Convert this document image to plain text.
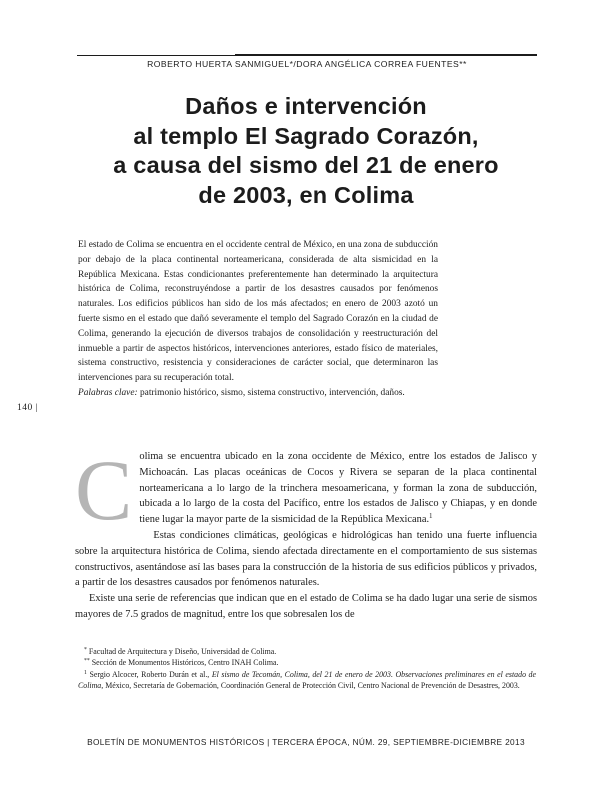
ROBERTO HUERTA SANMIGUEL*/DORA ANGÉLICA CORREA FUENTES**
Daños e intervención
al templo El Sagrado Corazón,
a causa del sismo del 21 de enero
de 2003, en Colima
El estado de Colima se encuentra en el occidente central de México, en una zona de subducción por debajo de la placa continental norteamericana, considerada de alta sismicidad en la República Mexicana. Estas condicionantes preferentemente han determinado la arquitectura histórica de Colima, reconstruyéndose a partir de los desastres causados por fenómenos naturales. Los edificios públicos han sido de los más afectados; en enero de 2003 azotó un fuerte sismo en el estado que dañó severamente el templo del Sagrado Corazón en la ciudad de Colima, generando la ejecución de diversos trabajos de consolidación y reestructuración del inmueble a partir de aspectos históricos, intervenciones anteriores, estado físico de materiales, sistema constructivo, resistencia y consideraciones de carácter social, que determinaron las intervenciones para su recuperación total.
Palabras clave: patrimonio histórico, sismo, sistema constructivo, intervención, daños.
140 |

Colima se encuentra ubicado en la zona occidente de México, entre los estados de Jalisco y Michoacán. Las placas oceánicas de Cocos y Rivera se separan de la placa continental norteamericana a lo largo de la trinchera mesoamericana, y forman la zona de subducción, ubicada a lo largo de la costa del Pacífico, entre los estados de Jalisco y Chiapas, y en donde tiene lugar la mayor parte de la sismicidad de la República Mexicana.$^1$

Estas condiciones climáticas, geológicas e hidrológicas han tenido una fuerte influencia sobre la arquitectura histórica de Colima, siendo afectada directamente en el comportamiento de sus sistemas constructivos, asentándose así las bases para la construcción de la historia de sus edificios públicos y privados, a partir de los desastres causados por fenómenos naturales.

Existe una serie de referencias que indican que en el estado de Colima se ha dado lugar una serie de sismos mayores de 7.5 grados de magnitud, entre los que sobresalen los de

* Facultad de Arquitectura y Diseño, Universidad de Colima.

** Sección de Monumentos Históricos, Centro INAH Colima.

$^1$ Sergio Alcocer, Roberto Durán et al., El sismo de Tecomán, Colima, del 21 de enero de 2003. Observaciones preliminares en el estado de Colima, México, Secretaría de Gobernación, Coordinación General de Protección Civil, Centro Nacional de Prevención de Desastres, 2003.

BOLETÍN DE MONUMENTOS HISTÓRICOS | TERCERA ÉPOCA, NÚM. 29, SEPTIEMBRE-DICIEMBRE 2013
